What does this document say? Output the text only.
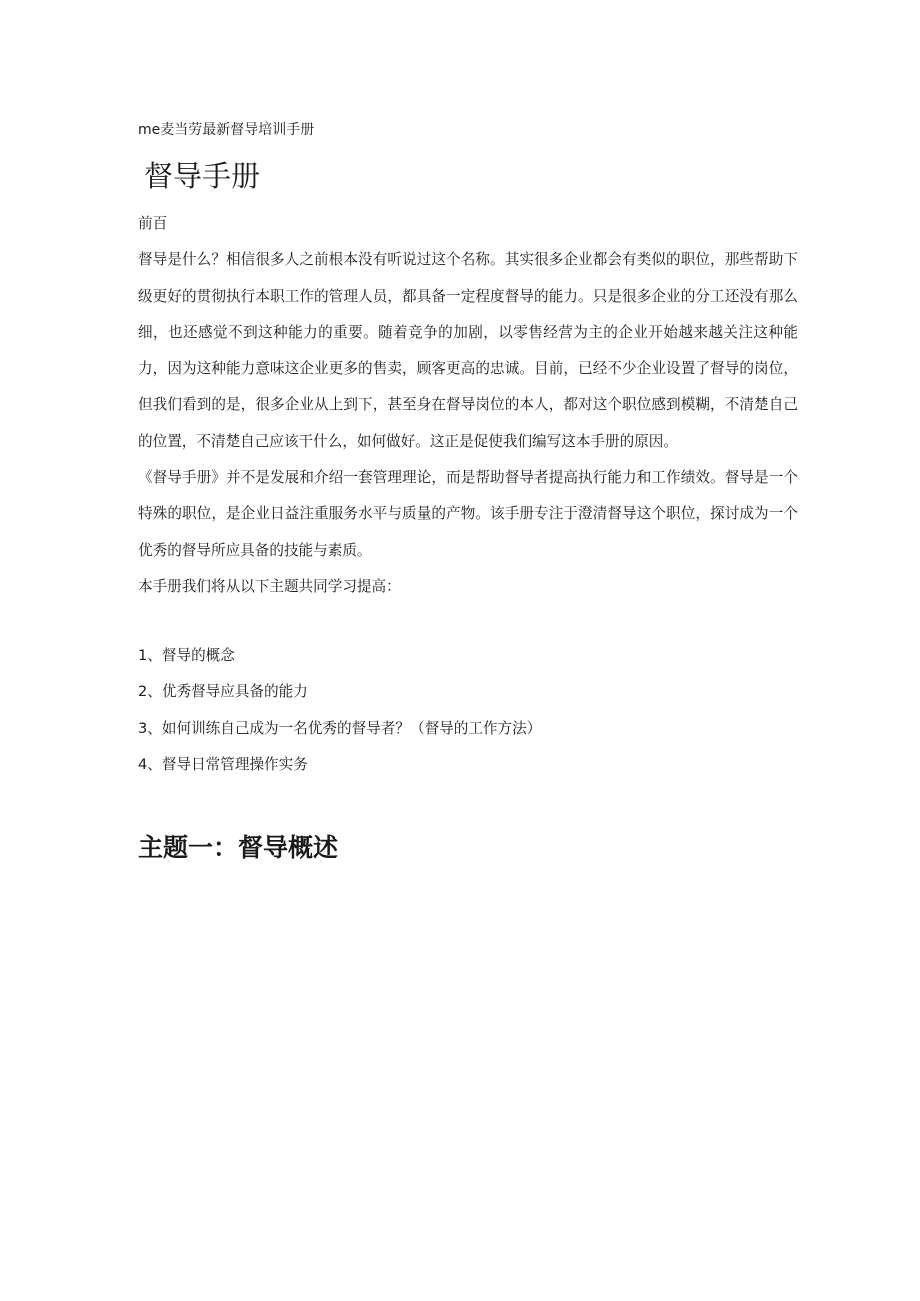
me麦当劳最新督导培训手册
督导手册

前百

督导是什么？相信很多人之前根本没有听说过这个名称。其实很多企业都会有类似的职位，那些帮助下级更好的贯彻执行本职工作的管理人员，都具备一定程度督导的能力。只是很多企业的分工还没有那么细，也还感觉不到这种能力的重要。随着竞争的加剧，以零售经营为主的企业开始越来越关注这种能力，因为这种能力意味这企业更多的售卖，顾客更高的忠诚。目前，已经不少企业设置了督导的岗位，但我们看到的是，很多企业从上到下，甚至身在督导岗位的本人，都对这个职位感到模糊，不清楚自己的位置，不清楚自己应该干什么，如何做好。这正是促使我们编写这本手册的原因。

《督导手册》并不是发展和介绍一套管理理论，而是帮助督导者提高执行能力和工作绩效。督导是一个特殊的职位，是企业日益注重服务水平与质量的产物。该手册专注于澄清督导这个职位，探讨成为一个优秀的督导所应具备的技能与素质。

本手册我们将从以下主题共同学习提高：

1、督导的概念
2、优秀督导应具备的能力
3、如何训练自己成为一名优秀的督导者？（督导的工作方法）
4、督导日常管理操作实务
主题一：督导概述
